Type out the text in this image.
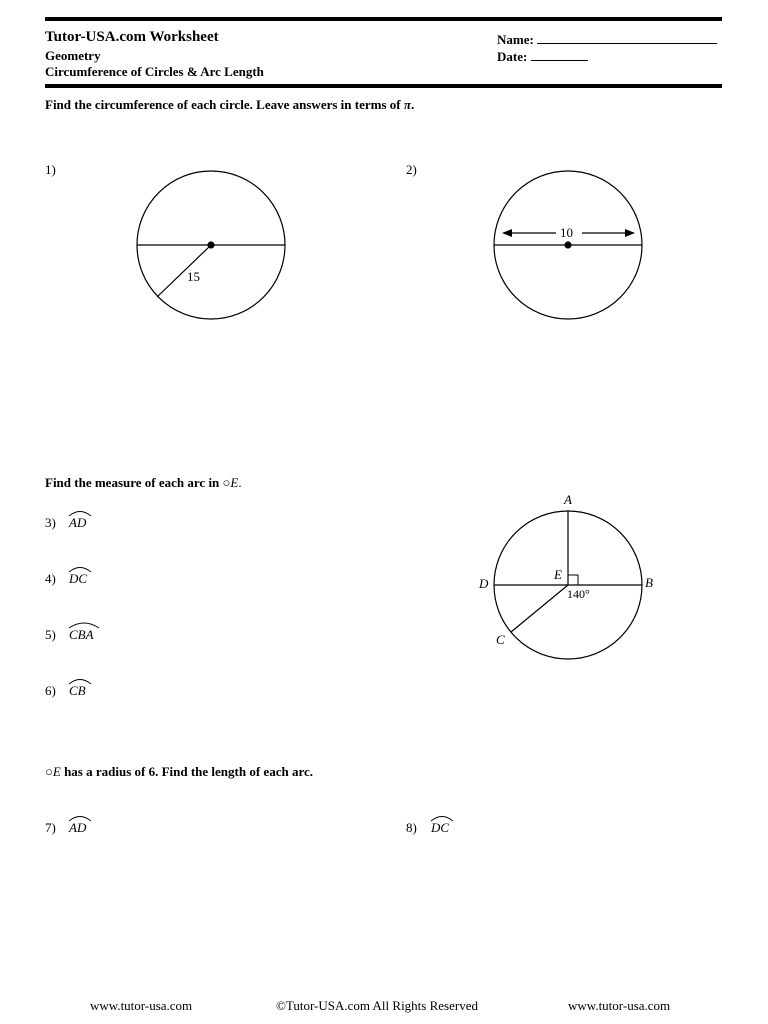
Tutor-USA.com Worksheet
Geometry
Circumference of Circles & Arc Length
Name:
Date:
Find the circumference of each circle. Leave answers in terms of π.
1)
15
2)
10
Find the measure of each arc in ○E.
3) AD
4) DC
5) CBA
6) CB
A
B
D
C
E
140°
○E has a radius of 6. Find the length of each arc.
7) AD	8) DC
www.tutor-usa.com	©Tutor-USA.com All Rights Reserved	www.tutor-usa.com
